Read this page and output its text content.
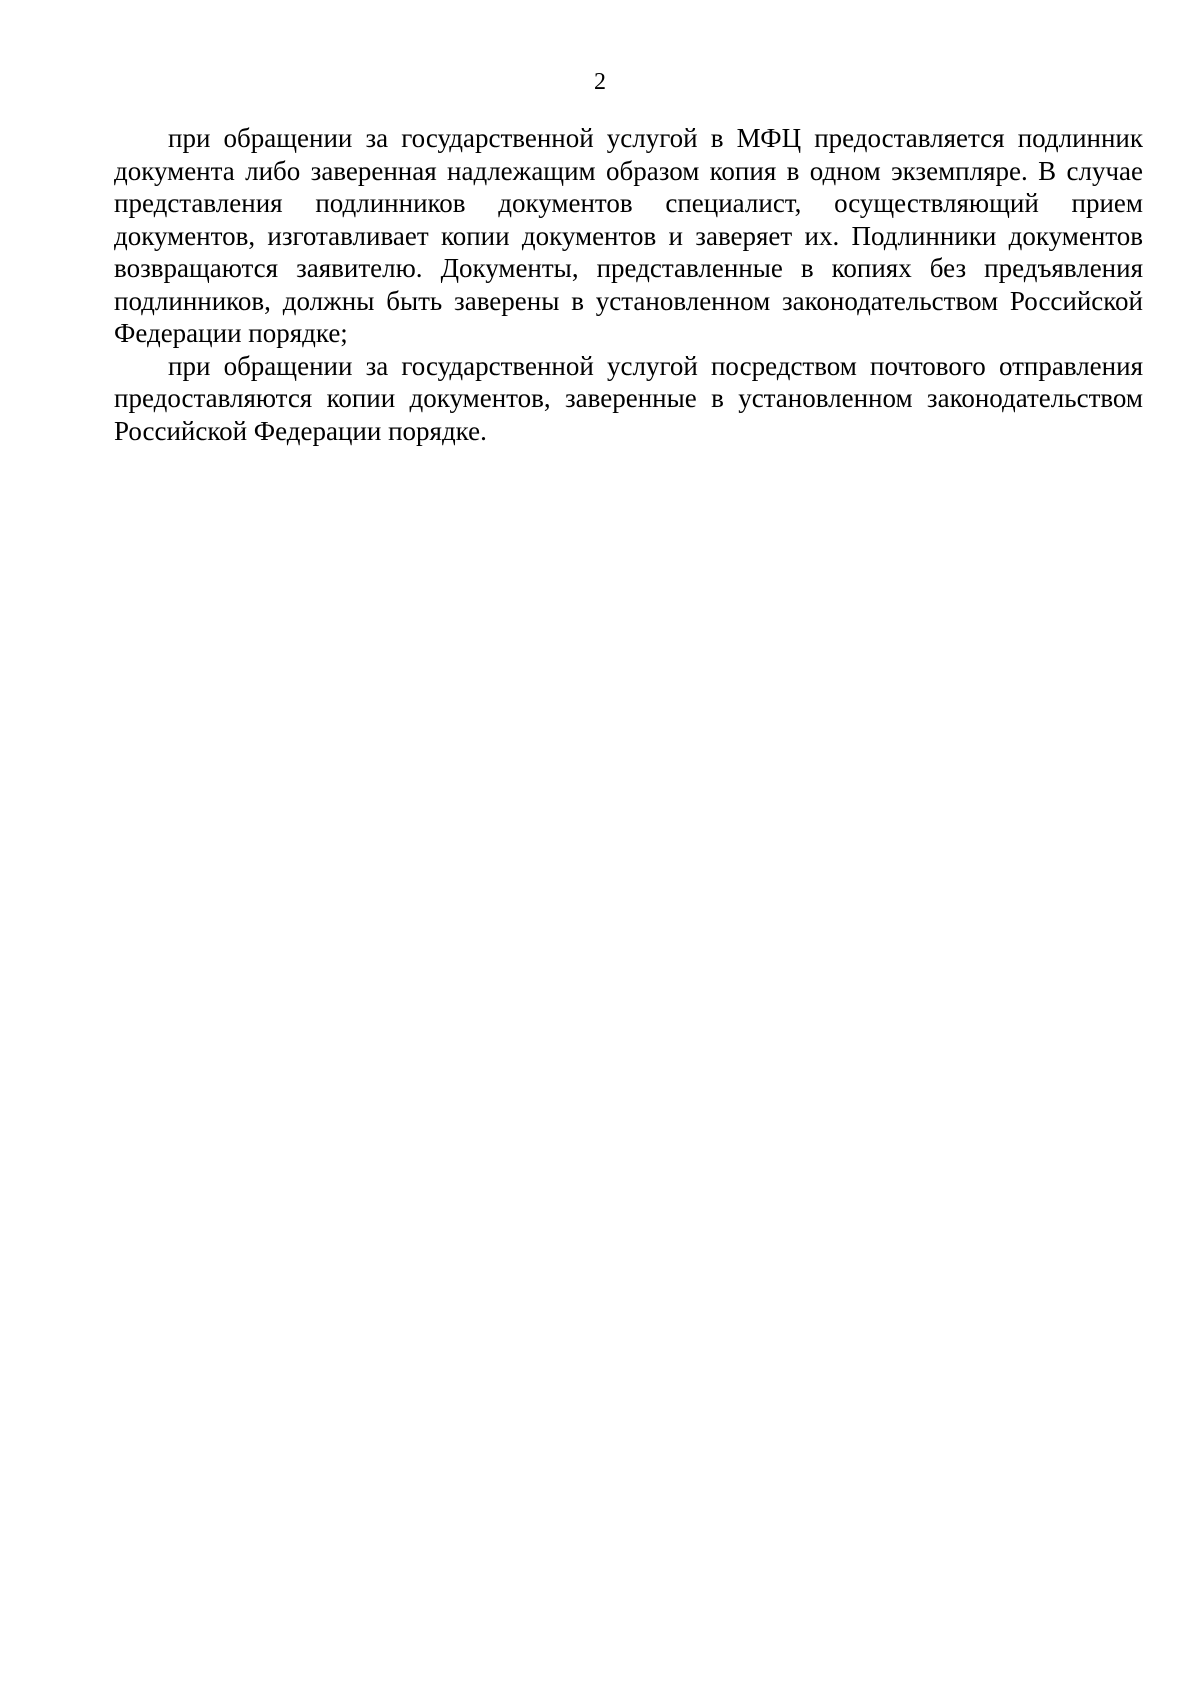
2

при обращении за государственной услугой в МФЦ предоставляется подлинник документа либо заверенная надлежащим образом копия в одном экземпляре. В случае представления подлинников документов специалист, осуществляющий прием документов, изготавливает копии документов и заверяет их. Подлинники документов возвращаются заявителю. Документы, представленные в копиях без предъявления подлинников, должны быть заверены в установленном законодательством Российской Федерации порядке;

при обращении за государственной услугой посредством почтового отправления предоставляются копии документов, заверенные в установленном законодательством Российской Федерации порядке.
